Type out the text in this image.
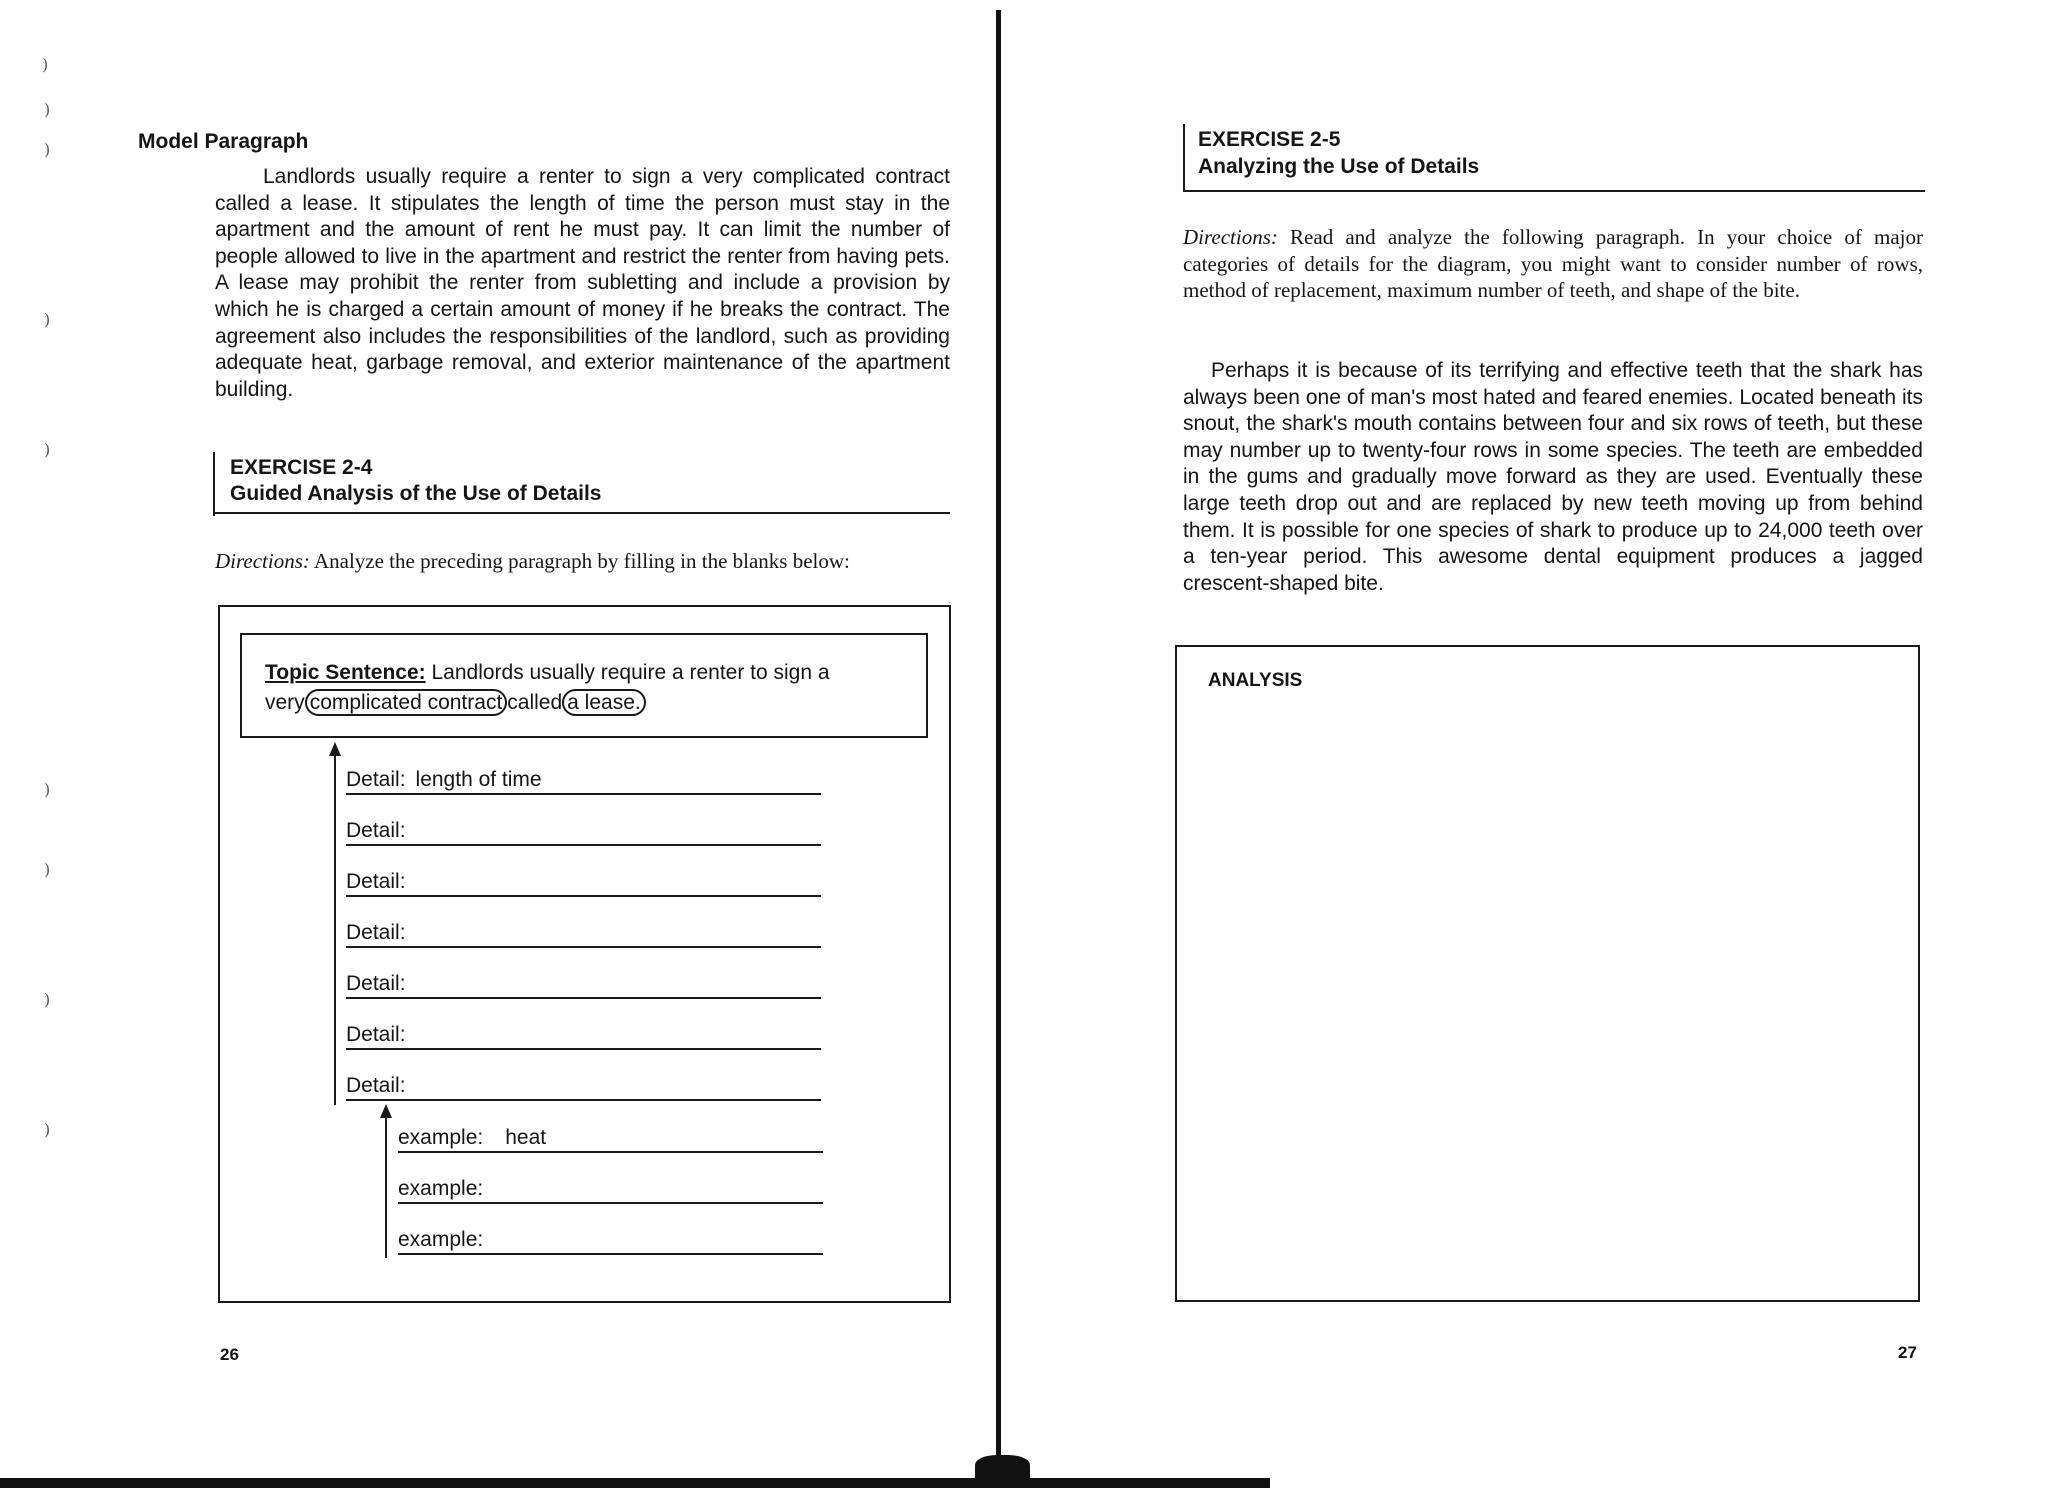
)
)
)
)
)
)
)
)
)
Model Paragraph
Landlords usually require a renter to sign a very complicated contract called a lease. It stipulates the length of time the person must stay in the apartment and the amount of rent he must pay. It can limit the number of people allowed to live in the apartment and restrict the renter from having pets. A lease may prohibit the renter from subletting and include a provision by which he is charged a certain amount of money if he breaks the contract. The agreement also includes the responsibilities of the landlord, such as providing adequate heat, garbage removal, and exterior maintenance of the apartment building.
EXERCISE 2-4
Guided Analysis of the Use of Details
Directions: Analyze the preceding paragraph by filling in the blanks below:
Topic Sentence: Landlords usually require a renter to sign a
very complicated contract called a lease.
Detail: length of time
Detail:
Detail:
Detail:
Detail:
Detail:
Detail:
example: heat
example:
example:
26
EXERCISE 2-5
Analyzing the Use of Details
Directions: Read and analyze the following paragraph. In your choice of major categories of details for the diagram, you might want to consider number of rows, method of replacement, maximum number of teeth, and shape of the bite.
Perhaps it is because of its terrifying and effective teeth that the shark has always been one of man's most hated and feared enemies. Located beneath its snout, the shark's mouth contains between four and six rows of teeth, but these may number up to twenty-four rows in some species. The teeth are embedded in the gums and gradually move forward as they are used. Eventually these large teeth drop out and are replaced by new teeth moving up from behind them. It is possible for one species of shark to produce up to 24,000 teeth over a ten-year period. This awesome dental equipment produces a jagged crescent-shaped bite.
ANALYSIS
27
